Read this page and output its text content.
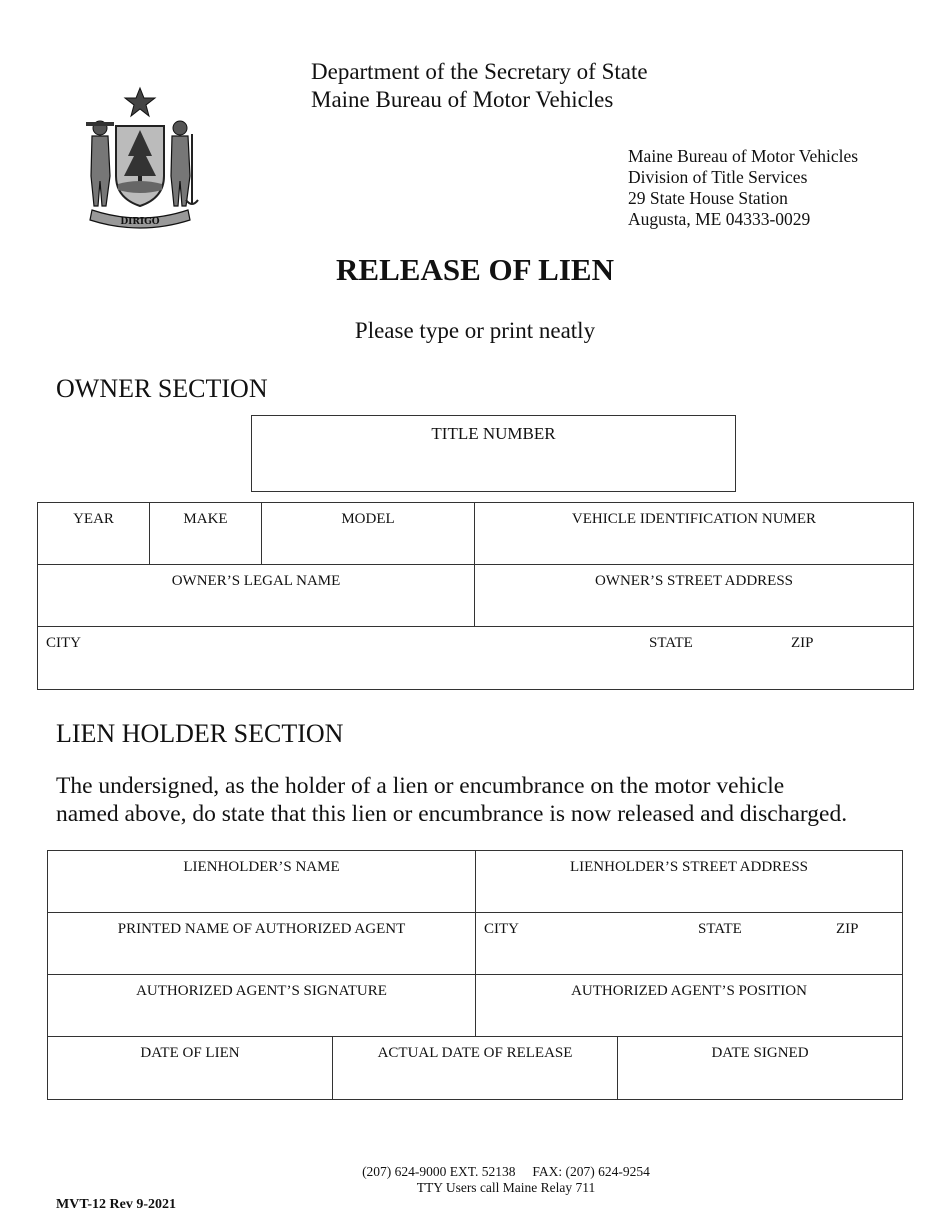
DIRIGO
Department of the Secretary of State
Maine Bureau of Motor Vehicles
Maine Bureau of Motor Vehicles
Division of Title Services
29 State House Station
Augusta, ME 04333-0029
RELEASE OF LIEN
Please type or print neatly
OWNER SECTION
TITLE NUMBER
YEAR	MAKE	MODEL	VEHICLE IDENTIFICATION NUMER
OWNER’S LEGAL NAME	OWNER’S STREET ADDRESS
CITY	STATE	ZIP
LIEN HOLDER SECTION
The undersigned, as the holder of a lien or encumbrance on the motor vehicle
named above, do state that this lien or encumbrance is now released and discharged.
LIENHOLDER’S NAME	LIENHOLDER’S STREET ADDRESS
PRINTED NAME OF AUTHORIZED AGENT	CITY	STATE	ZIP
AUTHORIZED AGENT’S SIGNATURE	AUTHORIZED AGENT’S POSITION
DATE OF LIEN	ACTUAL DATE OF RELEASE	DATE SIGNED
(207) 624-9000 EXT. 52138     FAX: (207) 624-9254
TTY Users call Maine Relay 711
MVT-12 Rev 9-2021
